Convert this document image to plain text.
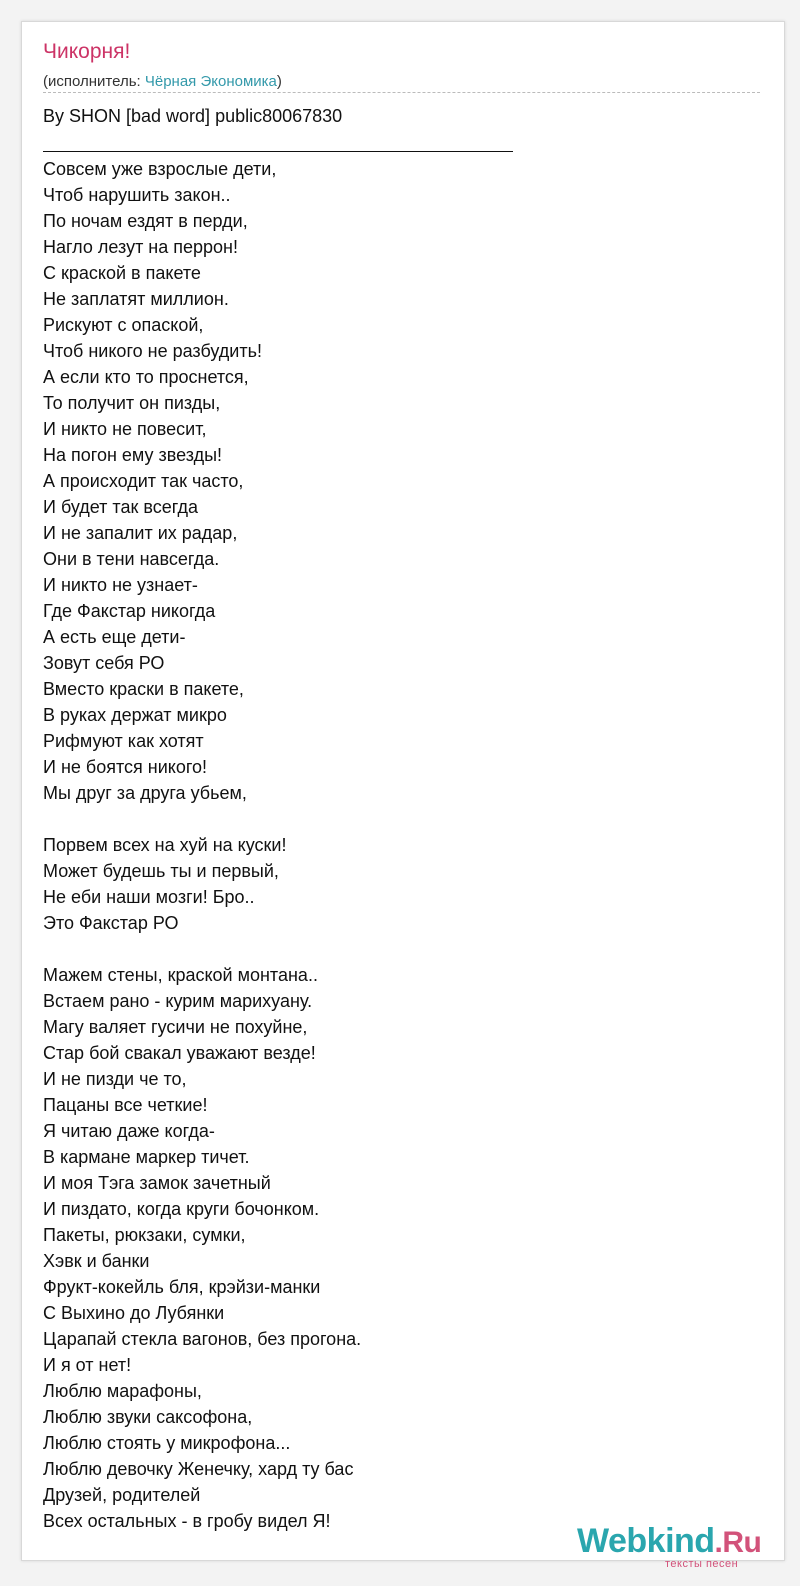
Чикорня!
(исполнитель: Чёрная Экономика)
By SHON [bad word] public80067830
Совсем уже взрослые дети,
Чтоб нарушить закон..
По ночам ездят в перди,
Нагло лезут на перрон!
С краской в пакете
Не заплатят миллион.
Рискуют с опаской,
Чтоб никого не разбудить!
А если кто то проснется,
То получит он пизды,
И никто не повесит,
На погон ему звезды!
А происходит так часто,
И будет так всегда
И не запалит их радар,
Они в тени навсегда.
И никто не узнает-
Где Факстар никогда
А есть еще дети-
Зовут себя РО
Вместо краски в пакете,
В руках держат микро
Рифмуют как хотят
И не боятся никого!
Мы друг за друга убьем,
Порвем всех на хуй на куски!
Может будешь ты и первый,
Не еби наши мозги! Бро..
Это Факстар РО
Мажем стены, краской монтана..
Встаем рано - курим марихуану.
Магу валяет гусичи не похуйне,
Стар бой свакал уважают везде!
И не пизди че то,
Пацаны все четкие!
Я читаю даже когда-
В кармане маркер тичет.
И моя Тэга замок зачетный
И пиздато, когда круги бочонком.
Пакеты, рюкзаки, сумки,
Хэвк и банки
Фрукт-кокейль бля, крэйзи-манки
С Выхино до Лубянки
Царапай стекла вагонов, без прогона.
И я от нет!
Люблю марафоны,
Люблю звуки саксофона,
Люблю стоять у микрофона...
Люблю девочку Женечку, хард ту бас
Друзей, родителей
Всех остальных - в гробу видел Я!
Webkind.Ru
тексты песен
